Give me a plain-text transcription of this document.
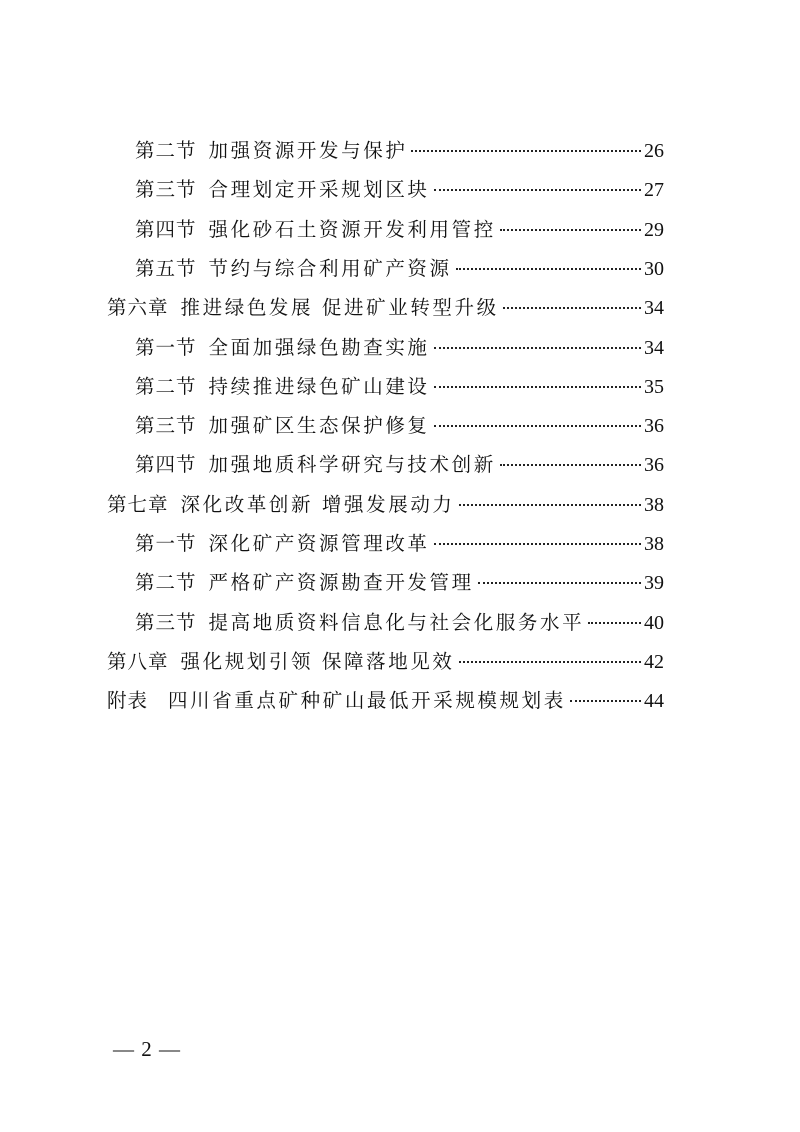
第二节 加强资源开发与保护	26
第三节 合理划定开采规划区块	27
第四节 强化砂石土资源开发利用管控	29
第五节 节约与综合利用矿产资源	30
第六章 推进绿色发展 促进矿业转型升级	34
第一节 全面加强绿色勘查实施	34
第二节 持续推进绿色矿山建设	35
第三节 加强矿区生态保护修复	36
第四节 加强地质科学研究与技术创新	36
第七章 深化改革创新 增强发展动力	38
第一节 深化矿产资源管理改革	38
第二节 严格矿产资源勘查开发管理	39
第三节 提高地质资料信息化与社会化服务水平	40
第八章 强化规划引领 保障落地见效	42
附表 四川省重点矿种矿山最低开采规模规划表	44
— 2 —
